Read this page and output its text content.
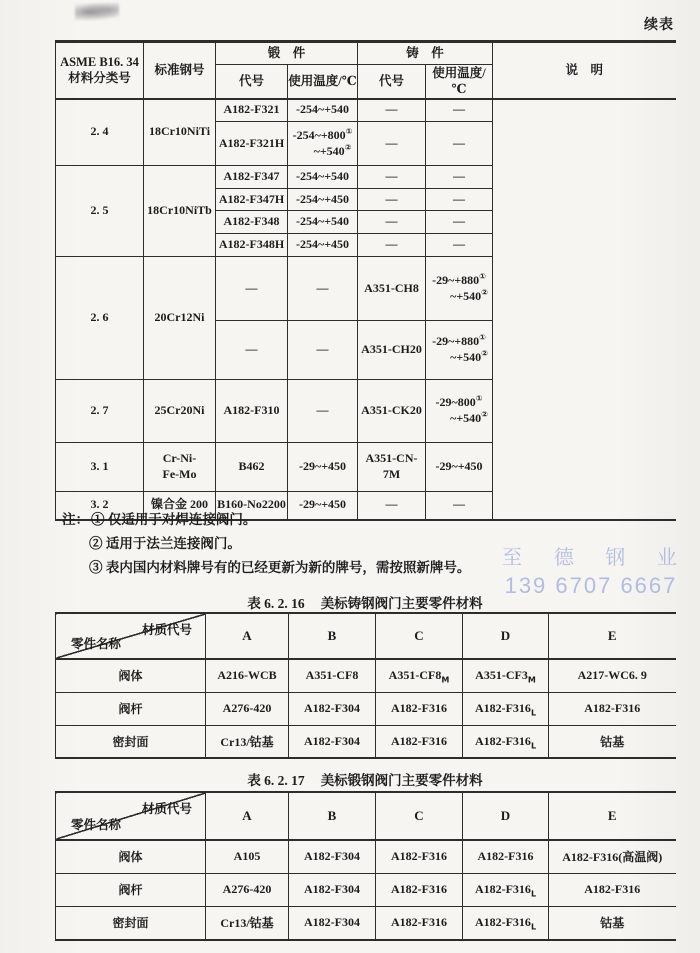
续表
ASME B16. 34
材料分类号	标准钢号	锻　件		铸　件		说　明
		代号	使用温度/℃	代号	使用温度/℃	
2. 4	18Cr10NiTi	A182-F321	-254~+540	—	—	
		A182-F321H	-254~+800①
~+540②	—	—	
2. 5	18Cr10NiTb	A182-F347	-254~+540	—	—	
		A182-F347H	-254~+450	—	—	
		A182-F348	-254~+540	—	—	
		A182-F348H	-254~+450	—	—	
2. 6	20Cr12Ni	—	—	A351-CH8	-29~+880①
~+540②

		—	—	A351-CH20	-29~+880①
~+540②

2. 7	25Cr20Ni	A182-F310	—	A351-CK20	-29~800①
~+540②

3. 1	Cr-Ni-
Fe-Mo	B462	-29~+450	A351-CN-7M	-29~+450	
3. 2	镍合金 200	B160-No2200	-29~+450	—	—	
注： ① 仅适用于对焊连接阀门。
② 适用于法兰连接阀门。
③ 表内国内材料牌号有的已经更新为新的牌号，需按照新牌号。	至 德 钢 业
139 6707 6667
表 6. 2. 16 美标铸钢阀门主要零件材料
材质代号
零件名称	A	B	C	D	E
阀体	A216-WCB	A351-CF8	$A351-CF8_M$	$A351-CF3_M$	A217-WC6. 9
阀杆	A276-420	A182-F304	A182-F316	$A182-F316_L$	A182-F316
密封面	Cr13/钴基	A182-F304	A182-F316	$A182-F316_L$	钴基
表 6. 2. 17 美标锻钢阀门主要零件材料
材质代号
零件名称	A	B	C	D	E
阀体	A105	A182-F304	A182-F316	A182-F316	A182-F316(高温阀)
阀杆	A276-420	A182-F304	A182-F316	$A182-F316_L$	A182-F316
密封面	Cr13/钴基	A182-F304	A182-F316	$A182-F316_L$	钴基
